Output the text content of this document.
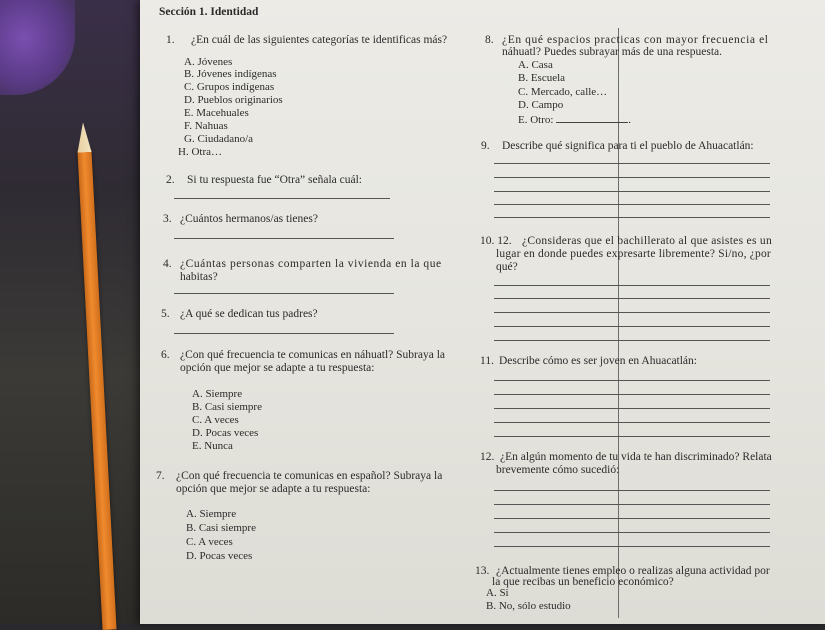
Sección 1. Identidad
1. ¿En cuál de las siguientes categorías te identificas más?
A. Jóvenes
B. Jóvenes indígenas
C. Grupos indígenas
D. Pueblos originarios
E. Macehuales
F. Nahuas
G. Ciudadano/a
H. Otra…
2. Si tu respuesta fue “Otra” señala cuál:
3. ¿Cuántos hermanos/as tienes?
4. ¿Cuántas personas comparten la vivienda en la que
habitas?
5. ¿A qué se dedican tus padres?
6. ¿Con qué frecuencia te comunicas en náhuatl? Subraya la
opción que mejor se adapte a tu respuesta:
A. Siempre
B. Casi siempre
C. A veces
D. Pocas veces
E. Nunca
7. ¿Con qué frecuencia te comunicas en español? Subraya la
opción que mejor se adapte a tu respuesta:
A. Siempre
B. Casi siempre
C. A veces
D. Pocas veces
8. ¿En qué espacios practicas con mayor frecuencia el
náhuatl? Puedes subrayar más de una respuesta.
A. Casa
B. Escuela
C. Mercado, calle…
D. Campo
E. Otro:	.
9. Describe qué significa para ti el pueblo de Ahuacatlán:
10. 12. ¿Consideras que el bachillerato al que asistes es un
lugar en donde puedes expresarte libremente? Si/no, ¿por
qué?
11. Describe cómo es ser joven en Ahuacatlán:
12. ¿En algún momento de tu vida te han discriminado? Relata
brevemente cómo sucedió:
13. ¿Actualmente tienes empleo o realizas alguna actividad por
la que recibas un beneficio económico?
A. Si
B. No, sólo estudio
